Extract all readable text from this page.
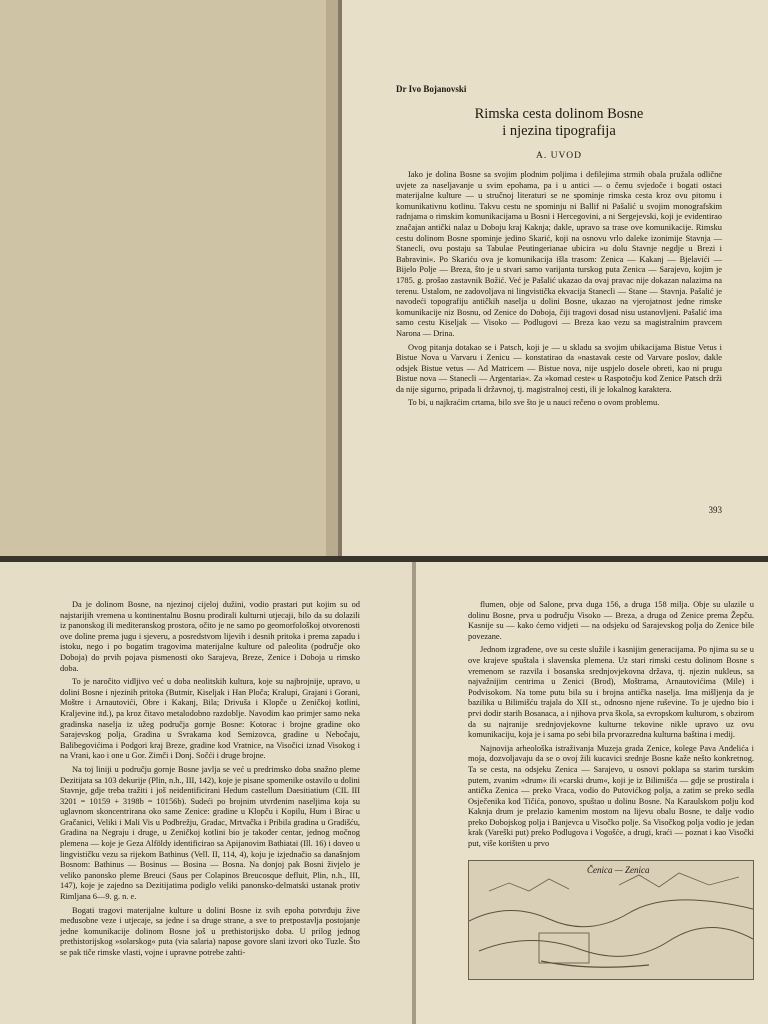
Dr Ivo Bojanovski
Rimska cesta dolinom Bosne
i njezina tipografija
A. UVOD

Iako je dolina Bosne sa svojim plodnim poljima i defilejima strmih obala pružala odlične uvjete za naseljavanje u svim epohama, pa i u antici — o čemu svjedoče i bogati ostaci materijalne kulture — u stručnoj literaturi se ne spominje rimska cesta kroz ovu pitomu i komunikativnu kotlinu. Takvu cestu ne spominju ni Ballif ni Pašalić u svojim monografskim radnjama o rimskim komunikacijama u Bosni i Hercegovini, a ni Sergejevski, koji je evidentirao značajan antički nalaz u Doboju kraj Kaknja; dakle, upravo sa trase ove komunikacije. Rimsku cestu dolinom Bosne spominje jedino Skarić, koji na osnovu vrlo daleke izonimije Stavnja — Stanecli, ovu postaju sa Tabulae Peutingerianae ubicira »u dolu Stavnje negdje u Brezi i Babravini«. Po Skariću ova je komunikacija išla trasom: Zenica — Kakanj — Bjelavići — Bijelo Polje — Breza, što je u stvari samo varijanta turskog puta Zenica — Sarajevo, kojim je 1785. g. prošao zastavnik Božić. Već je Pašalić ukazao da ovaj pravac nije dokazan nalazima na terenu. Ustalom, ne zadovoljava ni lingvistička ekvacija Stanecli — Stane — Stavnja. Pašalić je navodeći topografiju antičkih naselja u dolini Bosne, ukazao na vjerojatnost jedne rimske komunikacije niz Bosnu, od Zenice do Doboja, čiji tragovi dosad nisu ustanovljeni. Pašalić ima samo cestu Kiseljak — Visoko — Podlugovi — Breza kao vezu sa magistralnim pravcem Narona — Drina.

Ovog pitanja dotakao se i Patsch, koji je — u skladu sa svojim ubikacijama Bistue Vetus i Bistue Nova u Varvaru i Zenicu — konstatirao da »nastavak ceste od Varvare poslov, dakle odsjek Bistue vetus — Ad Matricem — Bistue nova, nije uspjelo dosele obreti, kao ni prugu Bistue nova — Stanecli — Argentaria«. Za »komad ceste« u Raspotočju kod Zenice Patsch drži da nije sigurno, pripada li državnoj, tj. magistralnoj cesti, ili je lokalnog karaktera.

To bi, u najkraćim crtama, bilo sve što je u nauci rečeno o ovom problemu.

393

Da je dolinom Bosne, na njezinoj cijeloj dužini, vodio prastari put kojim su od najstarijih vremena u kontinentalnu Bosnu prodirali kulturni utjecaji, bilo da su dolazili iz panonskog ili mediteranskog prostora, očito je ne samo po geomorfološkoj otvorenosti ove doline prema jugu i sjeveru, a posredstvom lijevih i desnih pritoka i prema zapadu i istoku, nego i po bogatim tragovima materijalne kulture od paleolita (područje oko Doboja) do prvih pojava pismenosti oko Sarajeva, Breze, Zenice i Doboja u rimsko doba.

To je naročito vidljivo već u doba neolitskih kultura, koje su najbrojnije, upravo, u dolini Bosne i njezinih pritoka (Butmir, Kiseljak i Han Ploča; Kralupi, Grajani i Gorani, Moštre i Arnautovići, Obre i Kakanj, Bila; Drivuša i Klopče u Zeničkoj kotlini, Kraljevine itd.), pa kroz čitavo metalodobno razdoblje. Navodim kao primjer samo neka gradinska naselja iz užeg područja gornje Bosne: Kotorac i brojne gradine oko Sarajevskog polja, Gradina u Svrakama kod Semizovca, gradine u Nebočaju, Balibegovićima i Podgori kraj Breze, gradine kod Vratnice, na Visočici iznad Visokog i na Vrani, kao i one u Gor. Zimči i Donj. Sočći i druge brojne.

Na toj liniji u području gornje Bosne javlja se već u predrimsko doba snažno pleme Dezitijata sa 103 dekurije (Plin, n.h., III, 142), koje je pisane spomenike ostavilo u dolini Stavnje, gdje treba tražiti i još neidentificirani Hedum castellum Daesitiatium (CIL III 3201 = 10159 + 3198b = 10156b). Sudeći po brojnim utvrđenim naseljima koja su uglavnom skoncentrirana oko same Zenice: gradine u Klopču i Kopilu, Hum i Birac u Gračanici, Veliki i Mali Vis u Podbrežju, Gradac, Mrtvačka i Pribila gradina u Gradišću, Gradina na Negraju i druge, u Zeničkoj kotlini bio je također centar, jednog močnog plemena — koje je Geza Alföldy identificirao sa Apijanovim Bathiatai (Ill. 16) i doveo u lingvističku vezu sa rijekom Bathinus (Vell. II, 114, 4), koju je izjednačio sa današnjom Bosnom: Bathinus — Bosinus — Bosina — Bosna. Na donjoj pak Bosni živjelo je veliko panonsko pleme Breuci (Saus per Colapinos Breucosque defluit, Plin, n.h., III, 147), koje je zajedno sa Dezitijatima podiglo veliki panonsko-delmatski ustanak protiv Rimljana 6—9. g. n. e.

Bogati tragovi materijalne kulture u dolini Bosne iz svih epoha potvrđuju žive međusobne veze i utjecaje, sa jedne i sa druge strane, a sve to pretpostavlja postojanje jedne komunikacije dolinom Bosne još u prethistorijsko doba. U prilog jednog prethistorijskog »solarskog« puta (via salaria) napose govore slani izvori oko Tuzle. Što se pak tiče rimske vlasti, vojne i upravne potrebe zahti-

flumen, obje od Salone, prva duga 156, a druga 158 milja. Obje su ulazile u dolinu Bosne, prva u području Visoko — Breza, a druga od Zenice prema Žepču. Kasnije su — kako ćemo vidjeti — na odsjeku od Sarajevskog polja do Zenice bile povezane.

Jednom izgrađene, ove su ceste služile i kasnijim generacijama. Po njima su se u ove krajeve spuštala i slavenska plemena. Uz stari rimski cestu dolinom Bosne s vremenom se razvila i bosanska srednjovjekovna država, tj. njezin nukleus, sa najvažnijim centrima u Zenici (Brod), Moštrama, Arnautovićima (Mile) i Podvisokom. Na tome putu bila su i brojna antička naselja. Ima mišljenja da je bazilika u Bilimišću trajala do XII st., odnosno njene ruševine. To je ujedno bio i prvi dodir starih Bosanaca, a i njihova prva škola, sa evropskom kulturom, s obzirom da su najranije srednjovjekovne kulturne tekovine nikle upravo uz ovu komunikaciju, koja je i sama po sebi bila prvorazredna kulturna baština i medij.

Najnovija arheološka istraživanja Muzeja grada Zenice, kolege Pava Anđelića i moja, dozvoljavaju da se o ovoj žili kucavici srednje Bosne kaže nešto konkretnog. Ta se cesta, na odsjeku Zenica — Sarajevo, u osnovi poklapa sa starim turskim putem, zvanim »drum« ili »carski drum«, koji je iz Bilimišća — gdje se prostirala i antička Zenica — preko Vraca, vodio do Putovićkog polja, a zatim se preko sedla Osječenika kod Tičića, ponovo, spuštao u dolinu Bosne. Na Karaulskom polju kod Kaknja drum je prelazio kamenim mostom na lijevu obalu Bosne, te dalje vodio preko Dobojskog polja i Banjevca u Visočko polje. Sa Visočkog polja vodio je jedan krak (Vareški put) preko Podlugova i Vogošće, a drugi, kraći — poznat i kao Visočki put, više korišten u prvo

Čenica — Zenica
